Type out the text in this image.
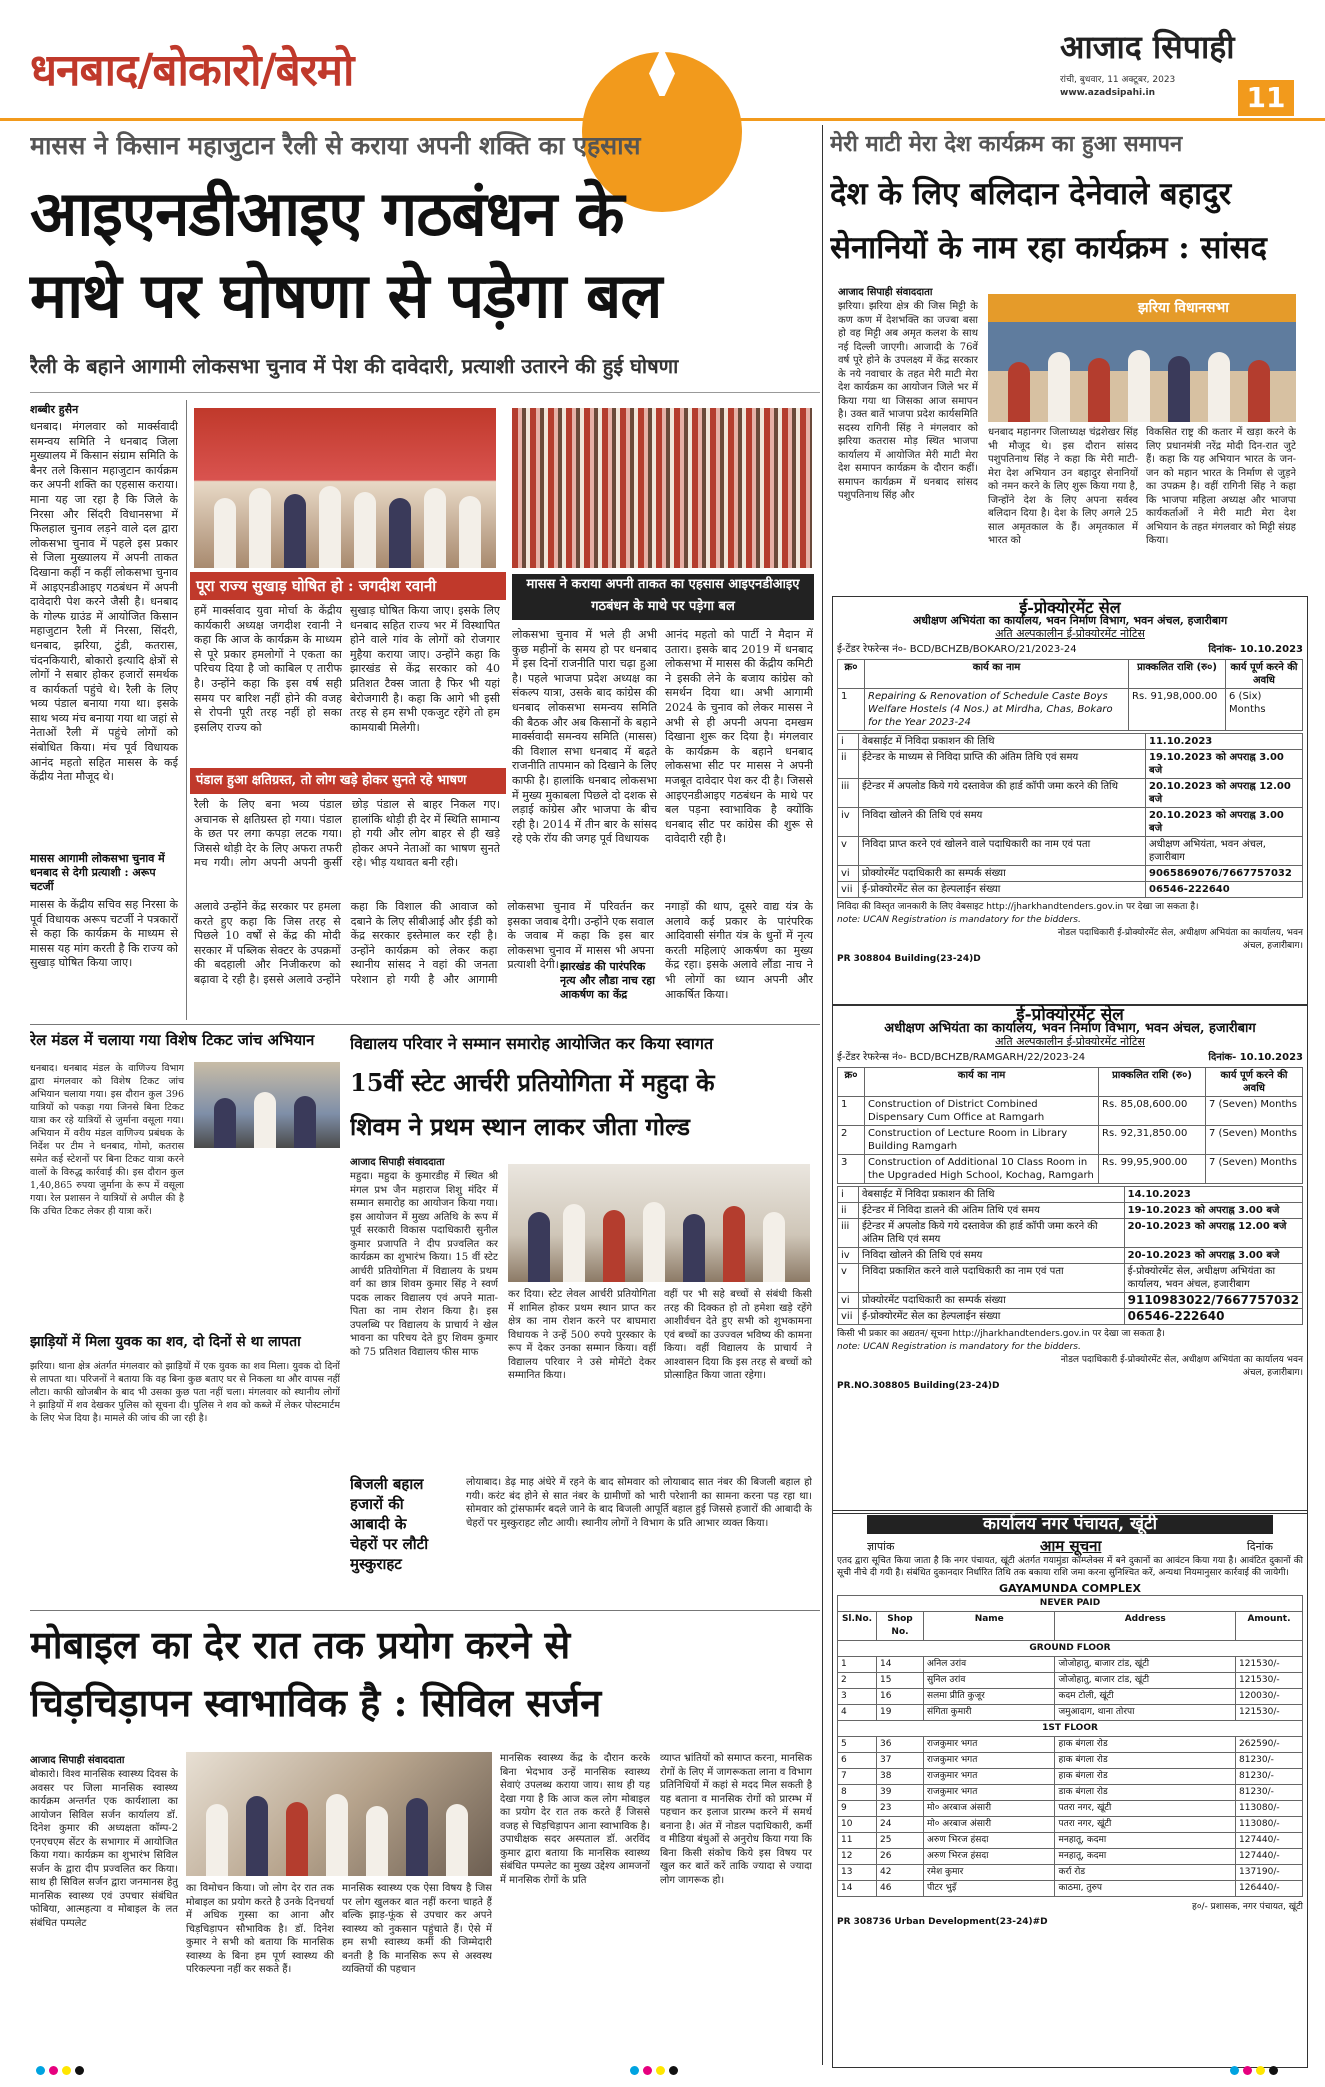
धनबाद/बोकारो/बेरमो	आजाद सिपाही
रांची, बुधवार, 11 अक्टूबर, 2023
www.azadsipahi.in	11
मासस ने किसान महाजुटान रैली से कराया अपनी शक्ति का एहसास
आइएनडीआइए गठबंधन के
माथे पर घोषणा से पड़ेगा बल
रैली के बहाने आगामी लोकसभा चुनाव में पेश की दावेदारी, प्रत्याशी उतारने की हुई घोषणा
शब्बीर हुसैन
धनबाद। मंगलवार को मार्क्सवादी समन्वय समिति ने धनबाद जिला मुख्यालय में किसान संग्राम समिति के बैनर तले किसान महाजुटान कार्यक्रम कर अपनी शक्ति का एहसास कराया। माना यह जा रहा है कि जिले के निरसा और सिंदरी विधानसभा में फिलहाल चुनाव लड़ने वाले दल द्वारा लोकसभा चुनाव में पहले इस प्रकार से जिला मुख्यालय में अपनी ताकत दिखाना कहीं न कहीं लोकसभा चुनाव में आइएनडीआइए गठबंधन में अपनी दावेदारी पेश करने जैसी है। धनबाद के गोल्फ ग्राउंड में आयोजित किसान महाजुटान रैली में निरसा, सिंदरी, धनबाद, झरिया, टुंडी, कतरास, चंदनकियारी, बोकारो इत्यादि क्षेत्रों से लोगों ने सबार होकर हजारों समर्थक व कार्यकर्ता पहुंचे थे। रैली के लिए भव्य पंडाल बनाया गया था। इसके साथ भव्य मंच बनाया गया था जहां से नेताओं रैली में पहुंचे लोगों को संबोधित किया। मंच पूर्व विधायक आनंद महतो सहित मासस के कई केंद्रीय नेता मौजूद थे।
मासस आगामी लोकसभा चुनाव में धनबाद से देगी प्रत्याशी : अरूप चटर्जी
मासस के केंद्रीय सचिव सह निरसा के पूर्व विधायक अरूप चटर्जी ने पत्रकारों से कहा कि कार्यक्रम के माध्यम से मासस यह मांग करती है कि राज्य को सुखाड़ घोषित किया जाए।
पूरा राज्य सुखाड़ घोषित हो : जगदीश रवानी	मासस ने कराया अपनी ताकत का एहसास आइएनडीआइए गठबंधन के माथे पर पड़ेगा बल
हमें मार्क्सवाद युवा मोर्चा के केंद्रीय कार्यकारी अध्यक्ष जगदीश रवानी ने कहा कि आज के कार्यक्रम के माध्यम से पूरे प्रकार हमलोगों ने एकता का परिचय दिया है जो काबिल ए तारीफ है। उन्होंने कहा कि इस वर्ष सही समय पर बारिश नहीं होने की वजह से रोपनी पूरी तरह नहीं हो सका इसलिए राज्य को
सुखाड़ घोषित किया जाए। इसके लिए धनबाद सहित राज्य भर में विस्थापित होने वाले गांव के लोगों को रोजगार मुहैया कराया जाए। उन्होंने कहा कि झारखंड से केंद्र सरकार को 40 प्रतिशत टैक्स जाता है फिर भी यहां बेरोजगारी है। कहा कि आगे भी इसी तरह से हम सभी एकजुट रहेंगे तो हम कामयाबी मिलेगी।
पंडाल हुआ क्षतिग्रस्त, तो लोग खड़े होकर सुनते रहे भाषण
रैली के लिए बना भव्य पंडाल अचानक से क्षतिग्रस्त हो गया। पंडाल के छत पर लगा कपड़ा लटक गया। जिससे थोड़ी देर के लिए अफरा तफरी मच गयी। लोग अपनी अपनी कुर्सी छोड़ पंडाल से बाहर निकल गए। हालांकि थोड़ी ही देर में स्थिति सामान्य हो गयी और लोग बाहर से ही खड़े होकर अपने नेताओं का भाषण सुनते रहे। भीड़ यथावत बनी रही।
लोकसभा चुनाव में भले ही अभी कुछ महीनों के समय हो पर धनबाद में इस दिनों राजनीति पारा चढ़ा हुआ है। पहले भाजपा प्रदेश अध्यक्ष का संकल्प यात्रा, उसके बाद कांग्रेस की धनबाद लोकसभा समन्वय समिति की बैठक और अब किसानों के बहाने मार्क्सवादी समन्वय समिति (मासस) की विशाल सभा धनबाद में बढ़ते राजनीति तापमान को दिखाने के लिए काफी है। हालांकि धनबाद लोकसभा में मुख्य मुकाबला पिछले दो दशक से लड़ाई कांग्रेस और भाजपा के बीच रही है। 2014 में तीन बार के सांसद रहे एके रॉय की जगह पूर्व विधायक
आनंद महतो को पार्टी ने मैदान में उतारा। इसके बाद 2019 में धनबाद लोकसभा में मासस की केंद्रीय कमिटी ने इसकी लेने के बजाय कांग्रेस को समर्थन दिया था। अभी आगामी 2024 के चुनाव को लेकर मासस ने अभी से ही अपनी अपना दमखम दिखाना शुरू कर दिया है। मंगलवार के कार्यक्रम के बहाने धनबाद लोकसभा सीट पर मासस ने अपनी मजबूत दावेदार पेश कर दी है। जिससे आइएनडीआइए गठबंधन के माथे पर बल पड़ना स्वाभाविक है क्योंकि धनबाद सीट पर कांग्रेस की शुरू से दावेदारी रही है।
अलावे उन्होंने केंद्र सरकार पर हमला करते हुए कहा कि जिस तरह से पिछले 10 वर्षों से केंद्र की मोदी सरकार में पब्लिक सेक्टर के उपक्रमों की बदहाली और निजीकरण को बढ़ावा दे रही है। इससे अलावे उन्होंने कहा कि विशाल की आवाज को दबाने के लिए सीबीआई और ईडी को केंद्र सरकार इस्तेमाल कर रही है। उन्होंने कार्यक्रम को लेकर कहा स्थानीय सांसद ने वहां की जनता परेशान हो गयी है और आगामी लोकसभा चुनाव में परिवर्तन कर इसका जवाब देगी। उन्होंने एक सवाल के जवाब में कहा कि इस बार लोकसभा चुनाव में मासस भी अपना प्रत्याशी देगी। झारखंड की पारंपरिक नृत्य और लौडा नाच रहा आकर्षण का केंद्र
नगाड़ों की थाप, दूसरे वाद्य यंत्र के अलावे कई प्रकार के पारंपरिक आदिवासी संगीत यंत्र के धुनों में नृत्य करती महिलाएं आकर्षण का मुख्य केंद्र रहा। इसके अलावे लौंडा नाच ने भी लोगों का ध्यान अपनी और आकर्षित किया।
मेरी माटी मेरा देश कार्यक्रम का हुआ समापन
देश के लिए बलिदान देनेवाले बहादुर
सेनानियों के नाम रहा कार्यक्रम : सांसद
आजाद सिपाही संवाददाता
झरिया। झरिया क्षेत्र की जिस मिट्टी के कण कण में देशभक्ति का जज्बा बसा हो वह मिट्टी अब अमृत कलश के साथ नई दिल्ली जाएगी। आजादी के 76वें वर्ष पूरे होने के उपलक्ष्य में केंद्र सरकार के नये नवाचार के तहत मेरी माटी मेरा देश कार्यक्रम का आयोजन जिले भर में किया गया था जिसका आज समापन है। उक्त बातें भाजपा प्रदेश कार्यसमिति सदस्य रागिनी सिंह ने मंगलवार को झरिया कतरास मोड़ स्थित भाजपा कार्यालय में आयोजित मेरी माटी मेरा देश समापन कार्यक्रम के दौरान कहीं। समापन कार्यक्रम में धनबाद सांसद पशुपतिनाथ सिंह और
झरिया विधानसभा
धनबाद महानगर जिलाध्यक्ष चंद्रशेखर सिंह भी मौजूद थे। इस दौरान सांसद पशुपतिनाथ सिंह ने कहा कि मेरी माटी-मेरा देश अभियान उन बहादुर सेनानियों को नमन करने के लिए शुरू किया गया है, जिन्होंने देश के लिए अपना सर्वस्व बलिदान दिया है। देश के लिए अगले 25 साल अमृतकाल के हैं। अमृतकाल में भारत को
विकसित राष्ट्र की कतार में खड़ा करने के लिए प्रधानमंत्री नरेंद्र मोदी दिन-रात जुटे हैं। कहा कि यह अभियान भारत के जन-जन को महान भारत के निर्माण से जुड़ने का उपक्रम है। वहीं रागिनी सिंह ने कहा कि भाजपा महिला अध्यक्ष और भाजपा कार्यकर्ताओं ने मेरी माटी मेरा देश अभियान के तहत मंगलवार को मिट्टी संग्रह किया।
ई-प्रोक्योरमेंट सेल
अधीक्षण अभियंता का कार्यालय, भवन निर्माण विभाग, भवन अंचल, हजारीबाग
अति अल्पकालीन ई-प्रोक्योरमेंट नोटिस
ई-टेंडर रेफरेन्स नं०- BCD/BCHZB/BOKARO/21/2023-24	दिनांक- 10.10.2023
क्र०	कार्य का नाम	प्राक्कलित राशि (रु०)	कार्य पूर्ण करने की अवधि
1	Repairing & Renovation of Schedule Caste Boys Welfare Hostels (4 Nos.) at Mirdha, Chas, Bokaro for the Year 2023-24	Rs. 91,98,000.00	6 (Six) Months
i	वेबसाईट में निविदा प्रकाशन की तिथि	11.10.2023
ii	ईटेन्डर के माध्यम से निविदा प्राप्ति की अंतिम तिथि एवं समय	19.10.2023 को अपराह्न 3.00 बजे
iii	ईटेन्डर में अपलोड किये गये दस्तावेज की हार्ड कॉपी जमा करने की तिथि	20.10.2023 को अपराह्न 12.00 बजे
iv	निविदा खोलने की तिथि एवं समय	20.10.2023 को अपराह्न 3.00 बजे
v	निविदा प्राप्त करने एवं खोलने वाले पदाधिकारी का नाम एवं पता	अधीक्षण अभियंता, भवन अंचल, हजारीबाग
vi	प्रोक्योरमेंट पदाधिकारी का सम्पर्क संख्या	9065869076/7667757032
vii	ई-प्रोक्योरमेंट सेल का हेल्पलाईन संख्या	06546-222640
निविदा की विस्तृत जानकारी के लिए वेबसाइट http://jharkhandtenders.gov.in पर देखा जा सकता है।
note: UCAN Registration is mandatory for the bidders.
नोडल पदाधिकारी ई-प्रोक्योरमेंट सेल, अधीक्षण अभियंता का कार्यालय, भवन अंचल, हजारीबाग।
PR 308804 Building(23-24)D
ई-प्रोक्योरमेंट सेल
अधीक्षण अभियंता का कार्यालय, भवन निर्माण विभाग, भवन अंचल, हजारीबाग
अति अल्पकालीन ई-प्रोक्योरमेंट नोटिस
ई-टेंडर रेफरेन्स नं०- BCD/BCHZB/RAMGARH/22/2023-24	दिनांक- 10.10.2023
क्र०	कार्य का नाम	प्राक्कलित राशि (रु०)	कार्य पूर्ण करने की अवधि
1	Construction of District Combined Dispensary Cum Office at Ramgarh	Rs. 85,08,600.00	7 (Seven) Months
2	Construction of Lecture Room in Library Building Ramgarh	Rs. 92,31,850.00	7 (Seven) Months
3	Construction of Additional 10 Class Room in the Upgraded High School, Kochag, Ramgarh	Rs. 99,95,900.00	7 (Seven) Months
i	वेबसाईट में निविदा प्रकाशन की तिथि	14.10.2023
ii	ईटेन्डर में निविदा डालने की अंतिम तिथि एवं समय	19-10.2023 को अपराह्न 3.00 बजे
iii	ईटेन्डर में अपलोड किये गये दस्तावेज की हार्ड कॉपी जमा करने की अंतिम तिथि एवं समय	20-10.2023 को अपराह्न 12.00 बजे
iv	निविदा खोलने की तिथि एवं समय	20-10.2023 को अपराह्न 3.00 बजे
v	निविदा प्रकाशित करने वाले पदाधिकारी का नाम एवं पता	ई-प्रोक्योरमेंट सेल, अधीक्षण अभियंता का कार्यालय, भवन अंचल, हजारीबाग
vi	प्रोक्योरमेंट पदाधिकारी का सम्पर्क संख्या	9110983022/7667757032
vii	ई-प्रोक्योरमेंट सेल का हेल्पलाईन संख्या	06546-222640
किसी भी प्रकार का अद्यतन/ सूचना http://jharkhandtenders.gov.in पर देखा जा सकता है।
note: UCAN Registration is mandatory for the bidders.
नोडल पदाधिकारी ई-प्रोक्योरमेंट सेल, अधीक्षण अभियंता का कार्यालय भवन अंचल, हजारीबाग।
PR.NO.308805 Building(23-24)D
कार्यालय नगर पंचायत, खूंटी
ज्ञापांक	आम सूचना	दिनांक
एतद द्वारा सूचित किया जाता है कि नगर पंचायत, खूंटी अंतर्गत गयामुंडा कॉम्प्लेक्स में बने दुकानों का आवंटन किया गया है। आवंटित दुकानों की सूची नीचे दी गयी है। संबंधित दुकानदार निर्धारित तिथि तक बकाया राशि जमा करना सुनिश्चित करें, अन्यथा नियमानुसार कार्रवाई की जायेगी।
GAYAMUNDA COMPLEX
NEVER PAID				
Sl.No.	Shop No.	Name	Address	Amount.
GROUND FLOOR				
1	14	अनिल उरांव	जोजोहातु, बाजार टांड, खूंटी	121530/-
2	15	सुनिल उरांव	जोजोहातु, बाजार टांड, खूंटी	121530/-
3	16	सलमा प्रीति कुजूर	कदम टोली, खूंटी	120030/-
4	19	संगिता कुमारी	जमुआदाग, थाना तोरपा	121530/-
1ST FLOOR				
5	36	राजकुमार भगत	हाक बंगला रोड	262590/-
6	37	राजकुमार भगत	हाक बंगला रोड	81230/-
7	38	राजकुमार भगत	हाक बंगला रोड	81230/-
8	39	राजकुमार भगत	डाक बंगला रोड	81230/-
9	23	मो० अरबाज अंसारी	पतरा नगर, खूंटी	113080/-
10	24	मो० अरबाज अंसारी	पतरा नगर, खूंटी	113080/-
11	25	अरुण भिरज हंसदा	मनहातू, कदमा	127440/-
12	26	अरुण भिरज हंसदा	मनहातू, कदमा	127440/-
13	42	रमेश कुमार	कर्रा रोड	137190/-
14	46	पीटर भुइँ	काठमा, तुरुप	126440/-
ह०/- प्रशासक, नगर पंचायत, खूंटी
PR 308736 Urban Development(23-24)#D
रेल मंडल में चलाया गया विशेष टिकट जांच अभियान
धनबाद। धनबाद मंडल के वाणिज्य विभाग द्वारा मंगलवार को विशेष टिकट जांच अभियान चलाया गया। इस दौरान कुल 396 यात्रियों को पकड़ा गया जिनसे बिना टिकट यात्रा कर रहे यात्रियों से जुर्माना वसूला गया। अभियान में वरीय मंडल वाणिज्य प्रबंधक के निर्देश पर टीम ने धनबाद, गोमो, कतरास समेत कई स्टेशनों पर बिना टिकट यात्रा करने वालों के विरुद्ध कार्रवाई की। इस दौरान कुल 1,40,865 रुपया जुर्माना के रूप में वसूला गया। रेल प्रशासन ने यात्रियों से अपील की है कि उचित टिकट लेकर ही यात्रा करें।
झाड़ियों में मिला युवक का शव, दो दिनों से था लापता
झरिया। थाना क्षेत्र अंतर्गत मंगलवार को झाड़ियों में एक युवक का शव मिला। युवक दो दिनों से लापता था। परिजनों ने बताया कि वह बिना कुछ बताए घर से निकला था और वापस नहीं लौटा। काफी खोजबीन के बाद भी उसका कुछ पता नहीं चला। मंगलवार को स्थानीय लोगों ने झाड़ियों में शव देखकर पुलिस को सूचना दी। पुलिस ने शव को कब्जे में लेकर पोस्टमार्टम के लिए भेज दिया है। मामले की जांच की जा रही है।
विद्यालय परिवार ने सम्मान समारोह आयोजित कर किया स्वागत
15वीं स्टेट आर्चरी प्रतियोगिता में महुदा के
शिवम ने प्रथम स्थान लाकर जीता गोल्ड
आजाद सिपाही संवाददाता
महुदा। महुदा के कुमारडीह में स्थित श्री मंगल प्रभ जैन महाराज शिशु मंदिर में सम्मान समारोह का आयोजन किया गया। इस आयोजन में मुख्य अतिथि के रूप में पूर्व सरकारी विकास पदाधिकारी सुनील कुमार प्रजापति ने दीप प्रज्वलित कर कार्यक्रम का शुभारंभ किया। 15 वीं स्टेट आर्चरी प्रतियोगिता में विद्यालय के प्रथम वर्ग का छात्र शिवम कुमार सिंह ने स्वर्ण पदक लाकर विद्यालय एवं अपने माता-पिता का नाम रोशन किया है। इस उपलब्धि पर विद्यालय के प्राचार्य ने खेल भावना का परिचय देते हुए शिवम कुमार को 75 प्रतिशत विद्यालय फीस माफ
कर दिया। स्टेट लेवल आर्चरी प्रतियोगिता में शामिल होकर प्रथम स्थान प्राप्त कर क्षेत्र का नाम रोशन करने पर बाघमारा विधायक ने उन्हें 500 रुपये पुरस्कार के रूप में देकर उनका सम्मान किया। वहीं विद्यालय परिवार ने उसे मोमेंटो देकर सम्मानित किया।
वहीं पर भी सहे बच्चों से संबंधी किसी तरह की दिक्कत हो तो हमेशा खड़े रहेंगे आशीर्वचन देते हुए सभी को शुभकामना एवं बच्चों का उज्ज्वल भविष्य की कामना किया। वहीं विद्यालय के प्राचार्य ने आश्वासन दिया कि इस तरह से बच्चों को प्रोत्साहित किया जाता रहेगा।
बिजली बहाल
हजारों की
आबादी के
चेहरों पर लौटी
मुस्कुराहट
लोयाबाद। डेढ़ माह अंधेरे में रहने के बाद सोमवार को लोयाबाद सात नंबर की बिजली बहाल हो गयी। करंट बंद होने से सात नंबर के ग्रामीणों को भारी परेशानी का सामना करना पड़ रहा था। सोमवार को ट्रांसफार्मर बदले जाने के बाद बिजली आपूर्ति बहाल हुई जिससे हजारों की आबादी के चेहरों पर मुस्कुराहट लौट आयी। स्थानीय लोगों ने विभाग के प्रति आभार व्यक्त किया।
मोबाइल का देर रात तक प्रयोग करने से
चिड़चिड़ापन स्वाभाविक है : सिविल सर्जन
आजाद सिपाही संवाददाता
बोकारो। विश्व मानसिक स्वास्थ्य दिवस के अवसर पर जिला मानसिक स्वास्थ्य कार्यक्रम अन्तर्गत एक कार्यशाला का आयोजन सिविल सर्जन कार्यालय डॉ. दिनेश कुमार की अध्यक्षता कॉम्प-2 एनएचएम सेंटर के सभागार में आयोजित किया गया। कार्यक्रम का शुभारंभ सिविल सर्जन के द्वारा दीप प्रज्वलित कर किया। साथ ही सिविल सर्जन द्वारा जनमानस हेतु मानसिक स्वास्थ्य एवं उपचार संबंधित फोबिया, आत्महत्या व मोबाइल के लत संबंधित पम्पलेट
का विमोचन किया। जो लोग देर रात तक मोबाइल का प्रयोग करते है उनके दिनचर्या में अधिक गुस्सा का आना और चिड़चिड़ापन सौभाविक है। डॉ. दिनेश कुमार ने सभी को बताया कि मानसिक स्वास्थ्य के बिना हम पूर्ण स्वास्थ्य की परिकल्पना नहीं कर सकते हैं।
मानसिक स्वास्थ्य एक ऐसा विषय है जिस पर लोग खुलकर बात नहीं करना चाहते हैं बल्कि झाड़-फूंक से उपचार कर अपने स्वास्थ्य को नुकसान पहुंचाते हैं। ऐसे में हम सभी स्वास्थ्य कर्मी की जिम्मेदारी बनती है कि मानसिक रूप से अस्वस्थ व्यक्तियों की पहचान
मानसिक स्वास्थ्य केंद्र के दौरान करके बिना भेदभाव उन्हें मानसिक स्वास्थ्य सेवाएं उपलब्ध कराया जाय। साथ ही यह देखा गया है कि आज कल लोग मोबाइल का प्रयोग देर रात तक करते हैं जिससे वजह से चिड़चिड़ापन आना स्वाभाविक है। उपाधीक्षक सदर अस्पताल डॉ. अरविंद कुमार द्वारा बताया कि मानसिक स्वास्थ्य संबंधित पम्पलेट का मुख्य उद्देश्य आमजनों में मानसिक रोगों के प्रति
व्याप्त भ्रांतियों को समाप्त करना, मानसिक रोगों के लिए में जागरूकता लाना व विभाग प्रतिनिधियों में कहां से मदद मिल सकती है यह बताना व मानसिक रोगों को प्रारम्भ में पहचान कर इलाज प्रारम्भ करने में समर्थ बनाना है। अंत में नोडल पदाधिकारी, कर्मी व मीडिया बंधुओं से अनुरोध किया गया कि बिना किसी संकोच किये इस विषय पर खुल कर बातें करें ताकि ज्यादा से ज्यादा लोग जागरूक हो।
